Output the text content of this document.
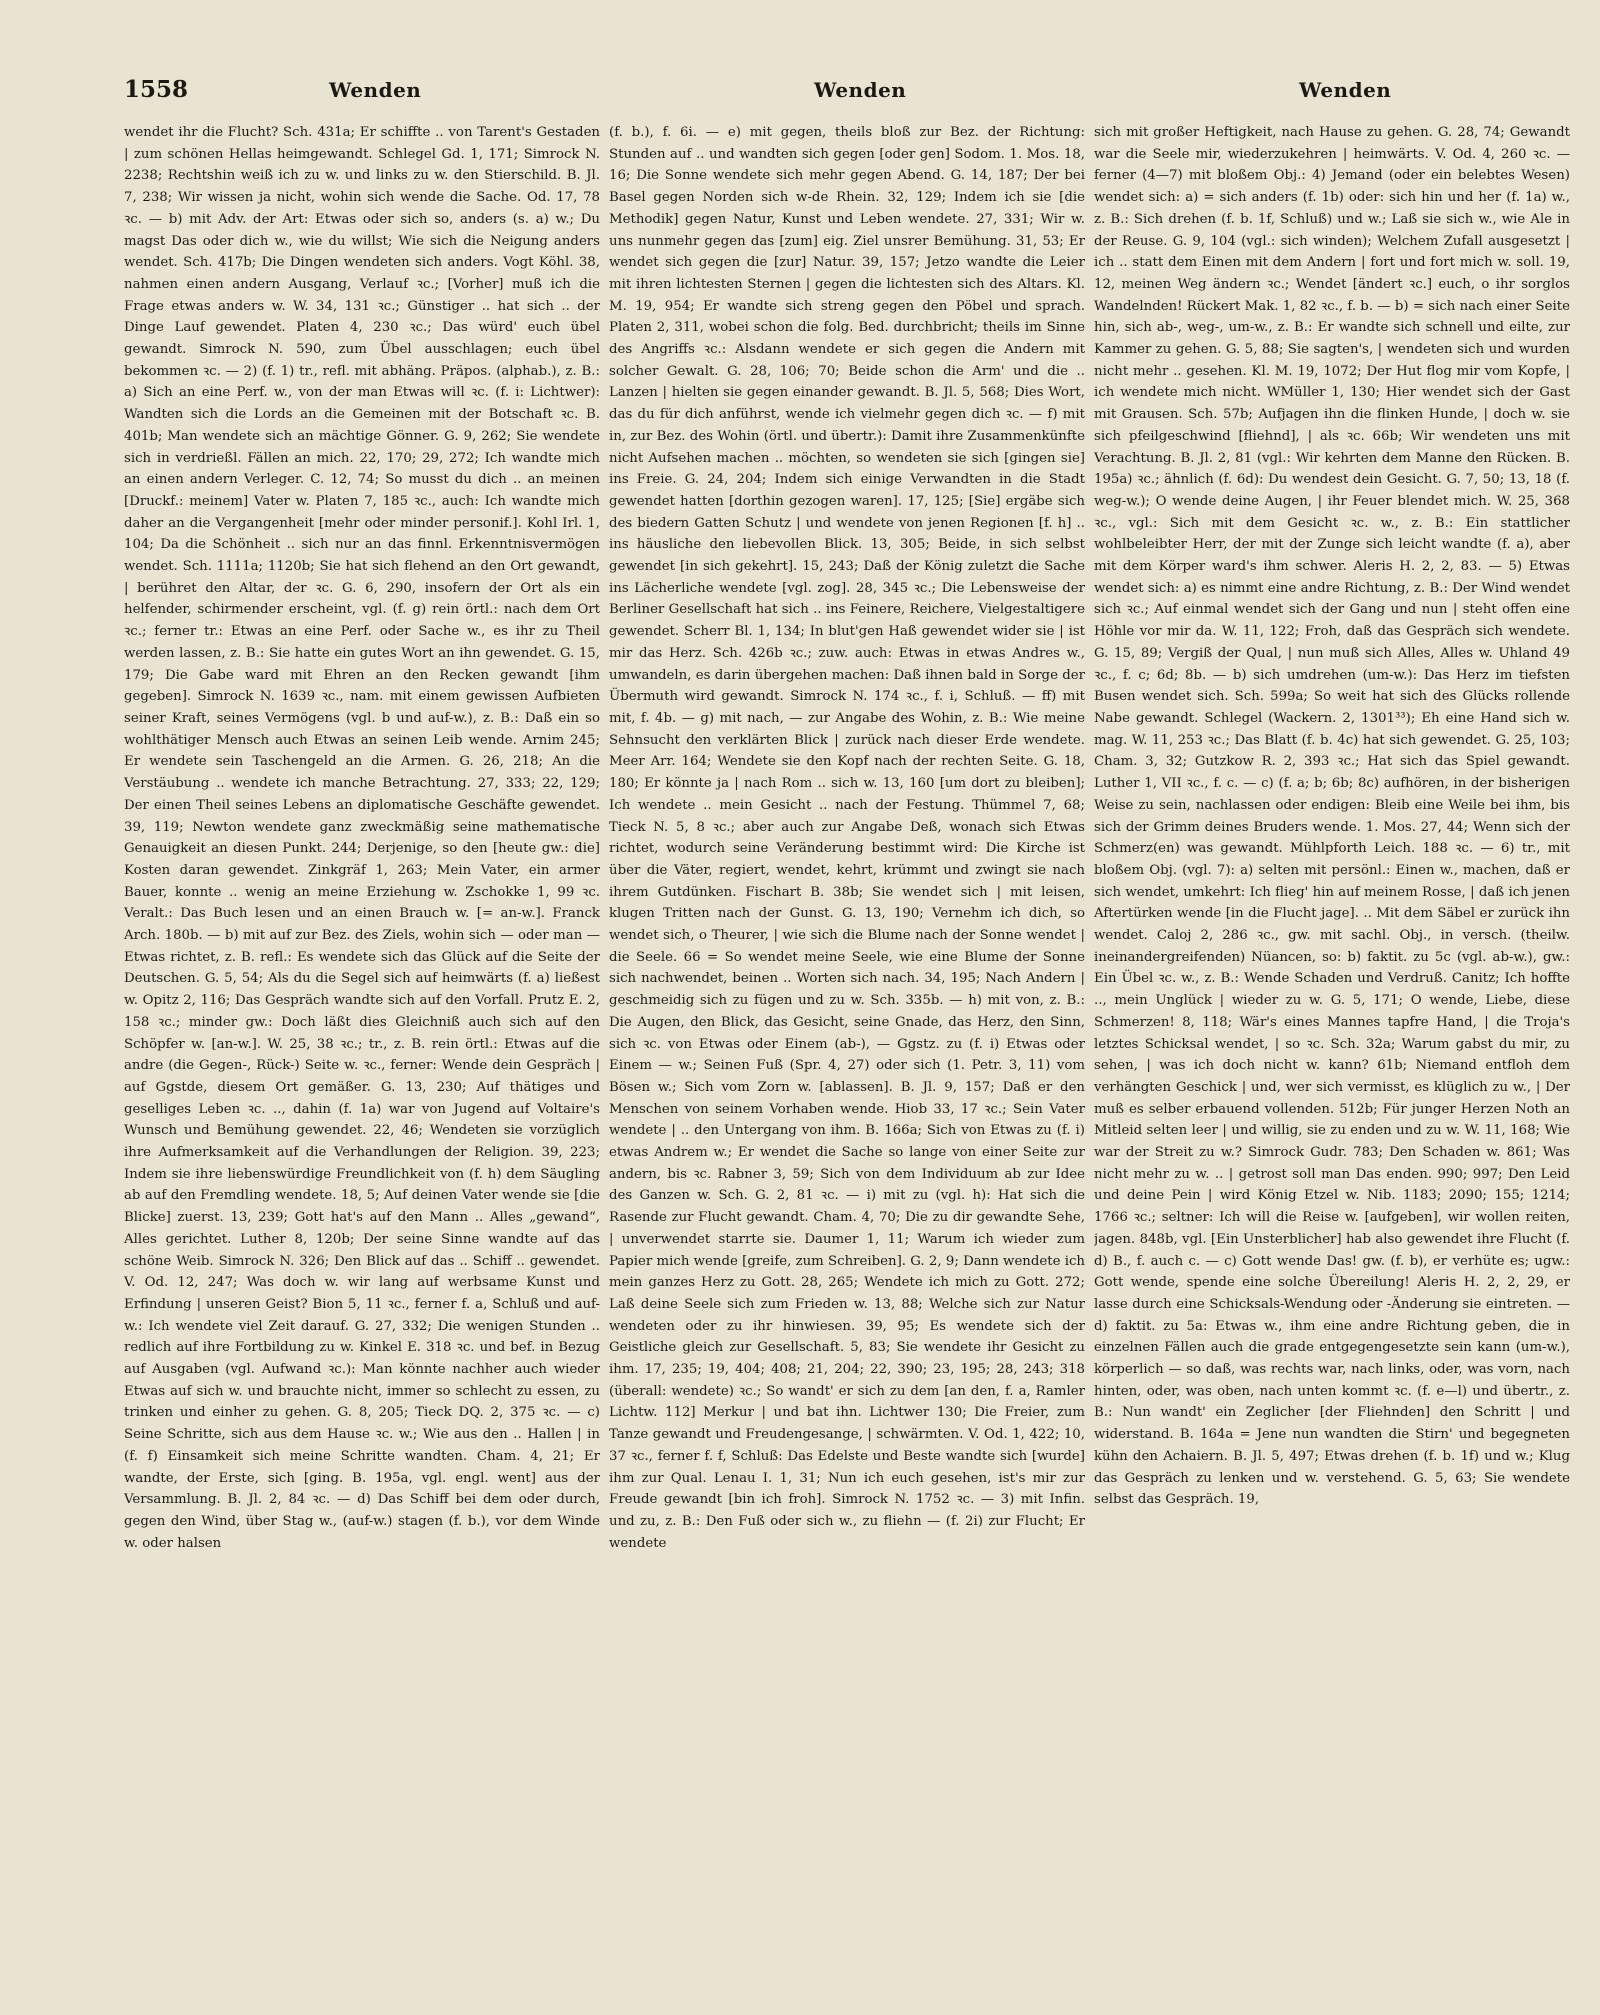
1558	Wenden	Wenden	Wenden

wendet ihr die Flucht? Sch. 431a; Er schiffte .. von Tarent's Gestaden | zum schönen Hellas heimgewandt. Schlegel Gd. 1, 171; Simrock N. 2238; Rechtshin weiß ich zu w. und links zu w. den Stierschild. B. Jl. 7, 238; Wir wissen ja nicht, wohin sich wende die Sache. Od. 17, 78 ꝛc. — b) mit Adv. der Art: Etwas oder sich so, anders (s. a) w.; Du magst Das oder dich w., wie du willst; Wie sich die Neigung anders wendet. Sch. 417b; Die Dingen wendeten sich anders. Vogt Köhl. 38, nahmen einen andern Ausgang, Verlauf ꝛc.; [Vorher] muß ich die Frage etwas anders w. W. 34, 131 ꝛc.; Günstiger .. hat sich .. der Dinge Lauf gewendet. Platen 4, 230 ꝛc.; Das würd' euch übel gewandt. Simrock N. 590, zum Übel ausschlagen; euch übel bekommen ꝛc. — 2) (f. 1) tr., refl. mit abhäng. Präpos. (alphab.), z. B.: a) Sich an eine Perf. w., von der man Etwas will ꝛc. (f. i: Lichtwer): Wandten sich die Lords an die Gemeinen mit der Botschaft ꝛc. B. 401b; Man wendete sich an mächtige Gönner. G. 9, 262; Sie wendete sich in verdrießl. Fällen an mich. 22, 170; 29, 272; Ich wandte mich an einen andern Verleger. C. 12, 74; So musst du dich .. an meinen [Druckf.: meinem] Vater w. Platen 7, 185 ꝛc., auch: Ich wandte mich daher an die Vergangenheit [mehr oder minder personif.]. Kohl Irl. 1, 104; Da die Schönheit .. sich nur an das finnl. Erkenntnisvermögen wendet. Sch. 1111a; 1120b; Sie hat sich flehend an den Ort gewandt, | berühret den Altar, der ꝛc. G. 6, 290, insofern der Ort als ein helfender, schirmender erscheint, vgl. (f. g) rein örtl.: nach dem Ort ꝛc.; ferner tr.: Etwas an eine Perf. oder Sache w., es ihr zu Theil werden lassen, z. B.: Sie hatte ein gutes Wort an ihn gewendet. G. 15, 179; Die Gabe ward mit Ehren an den Recken gewandt [ihm gegeben]. Simrock N. 1639 ꝛc., nam. mit einem gewissen Aufbieten seiner Kraft, seines Vermögens (vgl. b und auf-w.), z. B.: Daß ein so wohlthätiger Mensch auch Etwas an seinen Leib wende. Arnim 245; Er wendete sein Taschengeld an die Armen. G. 26, 218; An die Verstäubung .. wendete ich manche Betrachtung. 27, 333; 22, 129; Der einen Theil seines Lebens an diplomatische Geschäfte gewendet. 39, 119; Newton wendete ganz zweckmäßig seine mathematische Genauigkeit an diesen Punkt. 244; Derjenige, so den [heute gw.: die] Kosten daran gewendet. Zinkgräf 1, 263; Mein Vater, ein armer Bauer, konnte .. wenig an meine Erziehung w. Zschokke 1, 99 ꝛc. Veralt.: Das Buch lesen und an einen Brauch w. [= an-w.]. Franck Arch. 180b. — b) mit auf zur Bez. des Ziels, wohin sich — oder man — Etwas richtet, z. B. refl.: Es wendete sich das Glück auf die Seite der Deutschen. G. 5, 54; Als du die Segel sich auf heimwärts (f. a) ließest w. Opitz 2, 116; Das Gespräch wandte sich auf den Vorfall. Prutz E. 2, 158 ꝛc.; minder gw.: Doch läßt dies Gleichniß auch sich auf den Schöpfer w. [an-w.]. W. 25, 38 ꝛc.; tr., z. B. rein örtl.: Etwas auf die andre (die Gegen-, Rück-) Seite w. ꝛc., ferner: Wende dein Gespräch | auf Ggstde, diesem Ort gemäßer. G. 13, 230; Auf thätiges und geselliges Leben ꝛc. .., dahin (f. 1a) war von Jugend auf Voltaire's Wunsch und Bemühung gewendet. 22, 46; Wendeten sie vorzüglich ihre Aufmerksamkeit auf die Verhandlungen der Religion. 39, 223; Indem sie ihre liebenswürdige Freundlichkeit von (f. h) dem Säugling ab auf den Fremdling wendete. 18, 5; Auf deinen Vater wende sie [die Blicke] zuerst. 13, 239; Gott hat's auf den Mann .. Alles „gewand“, Alles gerichtet. Luther 8, 120b; Der seine Sinne wandte auf das schöne Weib. Simrock N. 326; Den Blick auf das .. Schiff .. gewendet. V. Od. 12, 247; Was doch w. wir lang auf werbsame Kunst und Erfindung | unseren Geist? Bion 5, 11 ꝛc., ferner f. a, Schluß und auf-w.: Ich wendete viel Zeit darauf. G. 27, 332; Die wenigen Stunden .. redlich auf ihre Fortbildung zu w. Kinkel E. 318 ꝛc. und bef. in Bezug auf Ausgaben (vgl. Aufwand ꝛc.): Man könnte nachher auch wieder Etwas auf sich w. und brauchte nicht, immer so schlecht zu essen, zu trinken und einher zu gehen. G. 8, 205; Tieck DQ. 2, 375 ꝛc. — c) Seine Schritte, sich aus dem Hause ꝛc. w.; Wie aus den .. Hallen | in (f. f) Einsamkeit sich meine Schritte wandten. Cham. 4, 21; Er wandte, der Erste, sich [ging. B. 195a, vgl. engl. went] aus der Versammlung. B. Jl. 2, 84 ꝛc. — d) Das Schiff bei dem oder durch, gegen den Wind, über Stag w., (auf-w.) stagen (f. b.), vor dem Winde w. oder halsen

(f. b.), f. 6i. — e) mit gegen, theils bloß zur Bez. der Richtung: Stunden auf .. und wandten sich gegen [oder gen] Sodom. 1. Mos. 18, 16; Die Sonne wendete sich mehr gegen Abend. G. 14, 187; Der bei Basel gegen Norden sich w-de Rhein. 32, 129; Indem ich sie [die Methodik] gegen Natur, Kunst und Leben wendete. 27, 331; Wir w. uns nunmehr gegen das [zum] eig. Ziel unsrer Bemühung. 31, 53; Er wendet sich gegen die [zur] Natur. 39, 157; Jetzo wandte die Leier mit ihren lichtesten Sternen | gegen die lichtesten sich des Altars. Kl. M. 19, 954; Er wandte sich streng gegen den Pöbel und sprach. Platen 2, 311, wobei schon die folg. Bed. durchbricht; theils im Sinne des Angriffs ꝛc.: Alsdann wendete er sich gegen die Andern mit solcher Gewalt. G. 28, 106; 70; Beide schon die Arm' und die .. Lanzen | hielten sie gegen einander gewandt. B. Jl. 5, 568; Dies Wort, das du für dich anführst, wende ich vielmehr gegen dich ꝛc. — f) mit in, zur Bez. des Wohin (örtl. und übertr.): Damit ihre Zusammenkünfte nicht Aufsehen machen .. möchten, so wendeten sie sich [gingen sie] ins Freie. G. 24, 204; Indem sich einige Verwandten in die Stadt gewendet hatten [dorthin gezogen waren]. 17, 125; [Sie] ergäbe sich des biedern Gatten Schutz | und wendete von jenen Regionen [f. h] .. ins häusliche den liebevollen Blick. 13, 305; Beide, in sich selbst gewendet [in sich gekehrt]. 15, 243; Daß der König zuletzt die Sache ins Lächerliche wendete [vgl. zog]. 28, 345 ꝛc.; Die Lebensweise der Berliner Gesellschaft hat sich .. ins Feinere, Reichere, Vielgestaltigere gewendet. Scherr Bl. 1, 134; In blut'gen Haß gewendet wider sie | ist mir das Herz. Sch. 426b ꝛc.; zuw. auch: Etwas in etwas Andres w., umwandeln, es darin übergehen machen: Daß ihnen bald in Sorge der Übermuth wird gewandt. Simrock N. 174 ꝛc., f. i, Schluß. — ff) mit mit, f. 4b. — g) mit nach, — zur Angabe des Wohin, z. B.: Wie meine Sehnsucht den verklärten Blick | zurück nach dieser Erde wendete. Meer Arr. 164; Wendete sie den Kopf nach der rechten Seite. G. 18, 180; Er könnte ja | nach Rom .. sich w. 13, 160 [um dort zu bleiben]; Ich wendete .. mein Gesicht .. nach der Festung. Thümmel 7, 68; Tieck N. 5, 8 ꝛc.; aber auch zur Angabe Deß, wonach sich Etwas richtet, wodurch seine Veränderung bestimmt wird: Die Kirche ist über die Väter, regiert, wendet, kehrt, krümmt und zwingt sie nach ihrem Gutdünken. Fischart B. 38b; Sie wendet sich | mit leisen, klugen Tritten nach der Gunst. G. 13, 190; Vernehm ich dich, so wendet sich, o Theurer, | wie sich die Blume nach der Sonne wendet | die Seele. 66 = So wendet meine Seele, wie eine Blume der Sonne sich nachwendet, beinen .. Worten sich nach. 34, 195; Nach Andern | geschmeidig sich zu fügen und zu w. Sch. 335b. — h) mit von, z. B.: Die Augen, den Blick, das Gesicht, seine Gnade, das Herz, den Sinn, sich ꝛc. von Etwas oder Einem (ab-), — Ggstz. zu (f. i) Etwas oder Einem — w.; Seinen Fuß (Spr. 4, 27) oder sich (1. Petr. 3, 11) vom Bösen w.; Sich vom Zorn w. [ablassen]. B. Jl. 9, 157; Daß er den Menschen von seinem Vorhaben wende. Hiob 33, 17 ꝛc.; Sein Vater wendete | .. den Untergang von ihm. B. 166a; Sich von Etwas zu (f. i) etwas Andrem w.; Er wendet die Sache so lange von einer Seite zur andern, bis ꝛc. Rabner 3, 59; Sich von dem Individuum ab zur Idee des Ganzen w. Sch. G. 2, 81 ꝛc. — i) mit zu (vgl. h): Hat sich die Rasende zur Flucht gewandt. Cham. 4, 70; Die zu dir gewandte Sehe, | unverwendet starrte sie. Daumer 1, 11; Warum ich wieder zum Papier mich wende [greife, zum Schreiben]. G. 2, 9; Dann wendete ich mein ganzes Herz zu Gott. 28, 265; Wendete ich mich zu Gott. 272; Laß deine Seele sich zum Frieden w. 13, 88; Welche sich zur Natur wendeten oder zu ihr hinwiesen. 39, 95; Es wendete sich der Geistliche gleich zur Gesellschaft. 5, 83; Sie wendete ihr Gesicht zu ihm. 17, 235; 19, 404; 408; 21, 204; 22, 390; 23, 195; 28, 243; 318 (überall: wendete) ꝛc.; So wandt' er sich zu dem [an den, f. a, Ramler Lichtw. 112] Merkur | und bat ihn. Lichtwer 130; Die Freier, zum Tanze gewandt und Freudengesange, | schwärmten. V. Od. 1, 422; 10, 37 ꝛc., ferner f. f, Schluß: Das Edelste und Beste wandte sich [wurde] ihm zur Qual. Lenau I. 1, 31; Nun ich euch gesehen, ist's mir zur Freude gewandt [bin ich froh]. Simrock N. 1752 ꝛc. — 3) mit Infin. und zu, z. B.: Den Fuß oder sich w., zu fliehn — (f. 2i) zur Flucht; Er wendete

sich mit großer Heftigkeit, nach Hause zu gehen. G. 28, 74; Gewandt war die Seele mir, wiederzukehren | heimwärts. V. Od. 4, 260 ꝛc. — ferner (4—7) mit bloßem Obj.: 4) Jemand (oder ein belebtes Wesen) wendet sich: a) = sich anders (f. 1b) oder: sich hin und her (f. 1a) w., z. B.: Sich drehen (f. b. 1f, Schluß) und w.; Laß sie sich w., wie Ale in der Reuse. G. 9, 104 (vgl.: sich winden); Welchem Zufall ausgesetzt | ich .. statt dem Einen mit dem Andern | fort und fort mich w. soll. 19, 12, meinen Weg ändern ꝛc.; Wendet [ändert ꝛc.] euch, o ihr sorglos Wandelnden! Rückert Mak. 1, 82 ꝛc., f. b. — b) = sich nach einer Seite hin, sich ab-, weg-, um-w., z. B.: Er wandte sich schnell und eilte, zur Kammer zu gehen. G. 5, 88; Sie sagten's, | wendeten sich und wurden nicht mehr .. gesehen. Kl. M. 19, 1072; Der Hut flog mir vom Kopfe, | ich wendete mich nicht. WMüller 1, 130; Hier wendet sich der Gast mit Grausen. Sch. 57b; Aufjagen ihn die flinken Hunde, | doch w. sie sich pfeilgeschwind [fliehnd], | als ꝛc. 66b; Wir wendeten uns mit Verachtung. B. Jl. 2, 81 (vgl.: Wir kehrten dem Manne den Rücken. B. 195a) ꝛc.; ähnlich (f. 6d): Du wendest dein Gesicht. G. 7, 50; 13, 18 (f. weg-w.); O wende deine Augen, | ihr Feuer blendet mich. W. 25, 368 ꝛc., vgl.: Sich mit dem Gesicht ꝛc. w., z. B.: Ein stattlicher wohlbeleibter Herr, der mit der Zunge sich leicht wandte (f. a), aber mit dem Körper ward's ihm schwer. Aleris H. 2, 2, 83. — 5) Etwas wendet sich: a) es nimmt eine andre Richtung, z. B.: Der Wind wendet sich ꝛc.; Auf einmal wendet sich der Gang und nun | steht offen eine Höhle vor mir da. W. 11, 122; Froh, daß das Gespräch sich wendete. G. 15, 89; Vergiß der Qual, | nun muß sich Alles, Alles w. Uhland 49 ꝛc., f. c; 6d; 8b. — b) sich umdrehen (um-w.): Das Herz im tiefsten Busen wendet sich. Sch. 599a; So weit hat sich des Glücks rollende Nabe gewandt. Schlegel (Wackern. 2, 1301³³); Eh eine Hand sich w. mag. W. 11, 253 ꝛc.; Das Blatt (f. b. 4c) hat sich gewendet. G. 25, 103; Cham. 3, 32; Gutzkow R. 2, 393 ꝛc.; Hat sich das Spiel gewandt. Luther 1, VII ꝛc., f. c. — c) (f. a; b; 6b; 8c) aufhören, in der bisherigen Weise zu sein, nachlassen oder endigen: Bleib eine Weile bei ihm, bis sich der Grimm deines Bruders wende. 1. Mos. 27, 44; Wenn sich der Schmerz(en) was gewandt. Mühlpforth Leich. 188 ꝛc. — 6) tr., mit bloßem Obj. (vgl. 7): a) selten mit persönl.: Einen w., machen, daß er sich wendet, umkehrt: Ich flieg' hin auf meinem Rosse, | daß ich jenen Aftertürken wende [in die Flucht jage]. .. Mit dem Säbel er zurück ihn wendet. Caloj 2, 286 ꝛc., gw. mit sachl. Obj., in versch. (theilw. ineinandergreifenden) Nüancen, so: b) faktit. zu 5c (vgl. ab-w.), gw.: Ein Übel ꝛc. w., z. B.: Wende Schaden und Verdruß. Canitz; Ich hoffte .., mein Unglück | wieder zu w. G. 5, 171; O wende, Liebe, diese Schmerzen! 8, 118; Wär's eines Mannes tapfre Hand, | die Troja's letztes Schicksal wendet, | so ꝛc. Sch. 32a; Warum gabst du mir, zu sehen, | was ich doch nicht w. kann? 61b; Niemand entfloh dem verhängten Geschick | und, wer sich vermisst, es klüglich zu w., | Der muß es selber erbauend vollenden. 512b; Für junger Herzen Noth an Mitleid selten leer | und willig, sie zu enden und zu w. W. 11, 168; Wie war der Streit zu w.? Simrock Gudr. 783; Den Schaden w. 861; Was nicht mehr zu w. .. | getrost soll man Das enden. 990; 997; Den Leid und deine Pein | wird König Etzel w. Nib. 1183; 2090; 155; 1214; 1766 ꝛc.; seltner: Ich will die Reise w. [aufgeben], wir wollen reiten, jagen. 848b, vgl. [Ein Unsterblicher] hab also gewendet ihre Flucht (f. d) B., f. auch c. — c) Gott wende Das! gw. (f. b), er verhüte es; ugw.: Gott wende, spende eine solche Übereilung! Aleris H. 2, 2, 29, er lasse durch eine Schicksals-Wendung oder -Änderung sie eintreten. — d) faktit. zu 5a: Etwas w., ihm eine andre Richtung geben, die in einzelnen Fällen auch die grade entgegengesetzte sein kann (um-w.), körperlich — so daß, was rechts war, nach links, oder, was vorn, nach hinten, oder, was oben, nach unten kommt ꝛc. (f. e—l) und übertr., z. B.: Nun wandt' ein Zeglicher [der Fliehnden] den Schritt | und widerstand. B. 164a = Jene nun wandten die Stirn' und begegneten kühn den Achaiern. B. Jl. 5, 497; Etwas drehen (f. b. 1f) und w.; Klug das Gespräch zu lenken und w. verstehend. G. 5, 63; Sie wendete selbst das Gespräch. 19,
